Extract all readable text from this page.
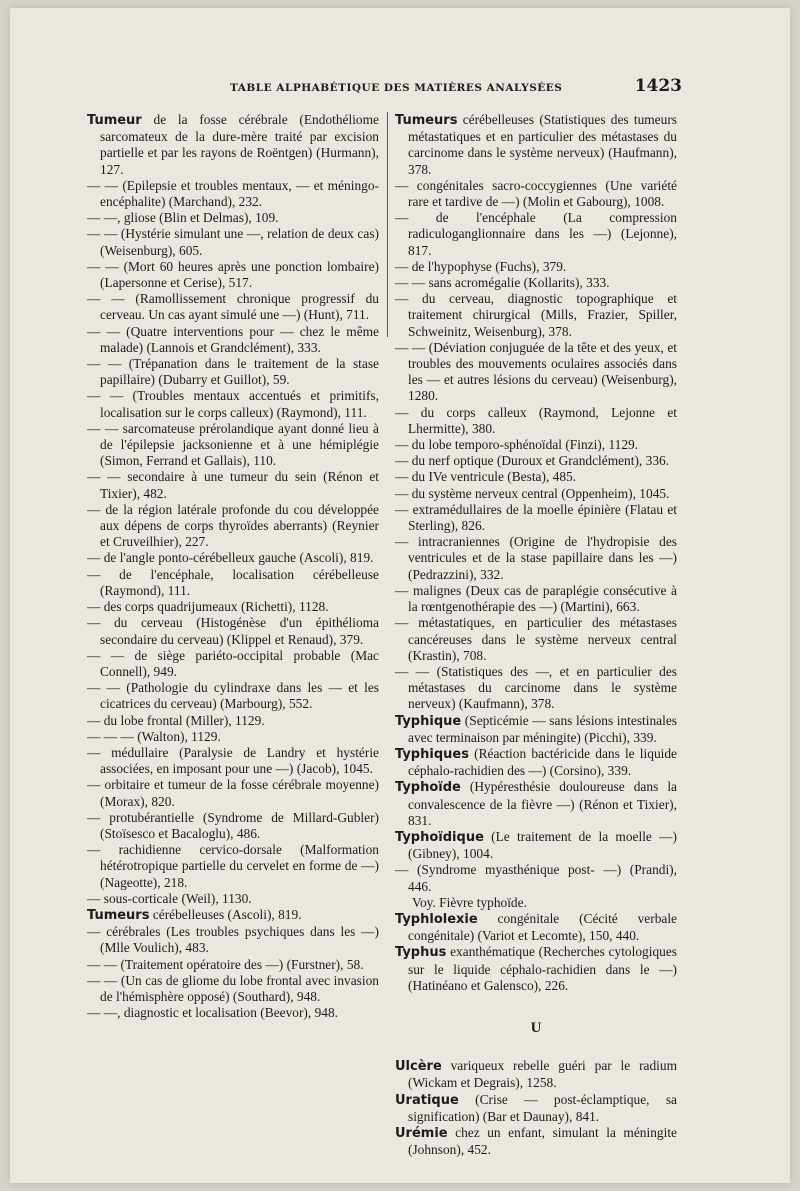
TABLE ALPHABÉTIQUE DES MATIÈRES ANALYSÉES	1423

Tumeur de la fosse cérébrale (Endothéliome sarcomateux de la dure-mère traité par excision partielle et par les rayons de Roëntgen) (Hurmann), 127.

— — (Epilepsie et troubles mentaux, — et méningo-encéphalite) (Marchand), 232.

— —, gliose (Blin et Delmas), 109.

— — (Hystérie simulant une —, relation de deux cas) (Weisenburg), 605.

— — (Mort 60 heures après une ponction lombaire) (Lapersonne et Cerise), 517.

— — (Ramollissement chronique progressif du cerveau. Un cas ayant simulé une —) (Hunt), 711.

— — (Quatre interventions pour — chez le même malade) (Lannois et Grandclément), 333.

— — (Trépanation dans le traitement de la stase papillaire) (Dubarry et Guillot), 59.

— — (Troubles mentaux accentués et primitifs, localisation sur le corps calleux) (Raymond), 111.

— — sarcomateuse prérolandique ayant donné lieu à de l'épilepsie jacksonienne et à une hémiplégie (Simon, Ferrand et Gallais), 110.

— — secondaire à une tumeur du sein (Rénon et Tixier), 482.

— de la région latérale profonde du cou développée aux dépens de corps thyroïdes aberrants) (Reynier et Cruveilhier), 227.

— de l'angle ponto-cérébelleux gauche (Ascoli), 819.

— de l'encéphale, localisation cérébelleuse (Raymond), 111.

— des corps quadrijumeaux (Richetti), 1128.

— du cerveau (Histogénèse d'un épithélioma secondaire du cerveau) (Klippel et Renaud), 379.

— — de siège pariéto-occipital probable (Mac Connell), 949.

— — (Pathologie du cylindraxe dans les — et les cicatrices du cerveau) (Marbourg), 552.

— du lobe frontal (Miller), 1129.

— — — (Walton), 1129.

— médullaire (Paralysie de Landry et hystérie associées, en imposant pour une —) (Jacob), 1045.

— orbitaire et tumeur de la fosse cérébrale moyenne) (Morax), 820.

— protubérantielle (Syndrome de Millard-Gubler) (Stoïsesco et Bacaloglu), 486.

— rachidienne cervico-dorsale (Malformation hétérotropique partielle du cervelet en forme de —) (Nageotte), 218.

— sous-corticale (Weil), 1130.

Tumeurs cérébelleuses (Ascoli), 819.

— cérébrales (Les troubles psychiques dans les —) (Mlle Voulich), 483.

— — (Traitement opératoire des —) (Furstner), 58.

— — (Un cas de gliome du lobe frontal avec invasion de l'hémisphère opposé) (Southard), 948.

— —, diagnostic et localisation (Beevor), 948.

Tumeurs cérébelleuses (Statistiques des tumeurs métastatiques et en particulier des métastases du carcinome dans le système nerveux) (Haufmann), 378.

— congénitales sacro-coccygiennes (Une variété rare et tardive de —) (Molin et Gabourg), 1008.

— de l'encéphale (La compression radiculoganglionnaire dans les —) (Lejonne), 817.

— de l'hypophyse (Fuchs), 379.

— — sans acromégalie (Kollarits), 333.

— du cerveau, diagnostic topographique et traitement chirurgical (Mills, Frazier, Spiller, Schweinitz, Weisenburg), 378.

— — (Déviation conjuguée de la tête et des yeux, et troubles des mouvements oculaires associés dans les — et autres lésions du cerveau) (Weisenburg), 1280.

— du corps calleux (Raymond, Lejonne et Lhermitte), 380.

— du lobe temporo-sphénoïdal (Finzi), 1129.

— du nerf optique (Duroux et Grandclément), 336.

— du IVe ventricule (Besta), 485.

— du système nerveux central (Oppenheim), 1045.

— extramédullaires de la moelle épinière (Flatau et Sterling), 826.

— intracraniennes (Origine de l'hydropisie des ventricules et de la stase papillaire dans les —) (Pedrazzini), 332.

— malignes (Deux cas de paraplégie consécutive à la rœntgenothérapie des —) (Martini), 663.

— métastatiques, en particulier des métastases cancéreuses dans le système nerveux central (Krastin), 708.

— — (Statistiques des —, et en particulier des métastases du carcinome dans le système nerveux) (Kaufmann), 378.

Typhique (Septicémie — sans lésions intestinales avec terminaison par méningite) (Picchi), 339.

Typhiques (Réaction bactéricide dans le liquide céphalo-rachidien des —) (Corsino), 339.

Typhoïde (Hypéresthésie douloureuse dans la convalescence de la fièvre —) (Rénon et Tixier), 831.

Typhoïdique (Le traitement de la moelle —) (Gibney), 1004.

— (Syndrome myasthénique post- —) (Prandi), 446.

Voy. Fièvre typhoïde.

Typhlolexie congénitale (Cécité verbale congénitale) (Variot et Lecomte), 150, 440.

Typhus exanthématique (Recherches cytologiques sur le liquide céphalo-rachidien dans le —) (Hatinéano et Galensco), 226.

U

Ulcère variqueux rebelle guéri par le radium (Wickam et Degrais), 1258.

Uratique (Crise — post-éclamptique, sa signification) (Bar et Daunay), 841.

Urémie chez un enfant, simulant la méningite (Johnson), 452.
